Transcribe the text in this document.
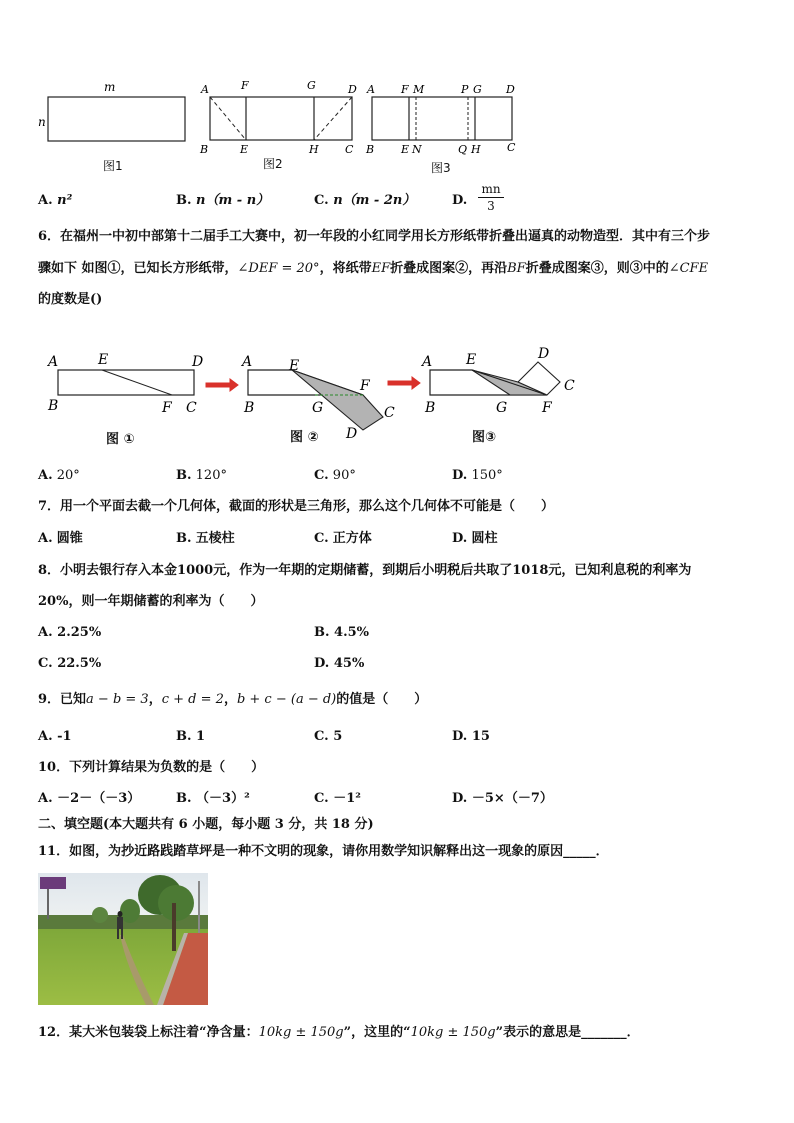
m
n
A	F	G	D
B	E	H C
A F M	P G D
B E N	Q H C
图1	图2	图3
A. n²	B. n（m - n）	C. n（m - 2n）	D. $\frac{mn}{3}$
6．在福州一中初中部第十二届手工大赛中，初一年段的小红同学用长方形纸带折叠出逼真的动物造型．其中有三个步
骤如下 如图①，已知长方形纸带，∠DEF = 20°，将纸带EF折叠成图案②，再沿BF折叠成图案③，则③中的∠CFE
的度数是()
A	E	D
B	F C
A	E
F
B	G	C
D
A E	D
C
B	G F
图 ①	图 ②	图③
A. 20°	B. 120°	C. 90°	D. 150°
7．用一个平面去截一个几何体，截面的形状是三角形，那么这个几何体不可能是（　　）
A. 圆锥	B. 五棱柱	C. 正方体	D. 圆柱
8．小明去银行存入本金1000元，作为一年期的定期储蓄，到期后小明税后共取了1018元，已知利息税的利率为
20%，则一年期储蓄的利率为（　　）
A. 2.25%	B. 4.5%
C. 22.5%	D. 45%
9．已知a − b = 3，c + d = 2，b + c − (a − d)的值是（　　）
A. -1	B. 1	C. 5	D. 15
10．下列计算结果为负数的是（　　）
A. －2－（－3）	B. （－3）²	C. －1²	D. －5×（－7）
二、填空题(本大题共有 6 小题，每小题 3 分，共 18 分)
11．如图，为抄近路践踏草坪是一种不文明的现象，请你用数学知识解释出这一现象的原因_____．
12．某大米包装袋上标注着“净含量：10kg ± 150g”，这里的“10kg ± 150g”表示的意思是_______．
